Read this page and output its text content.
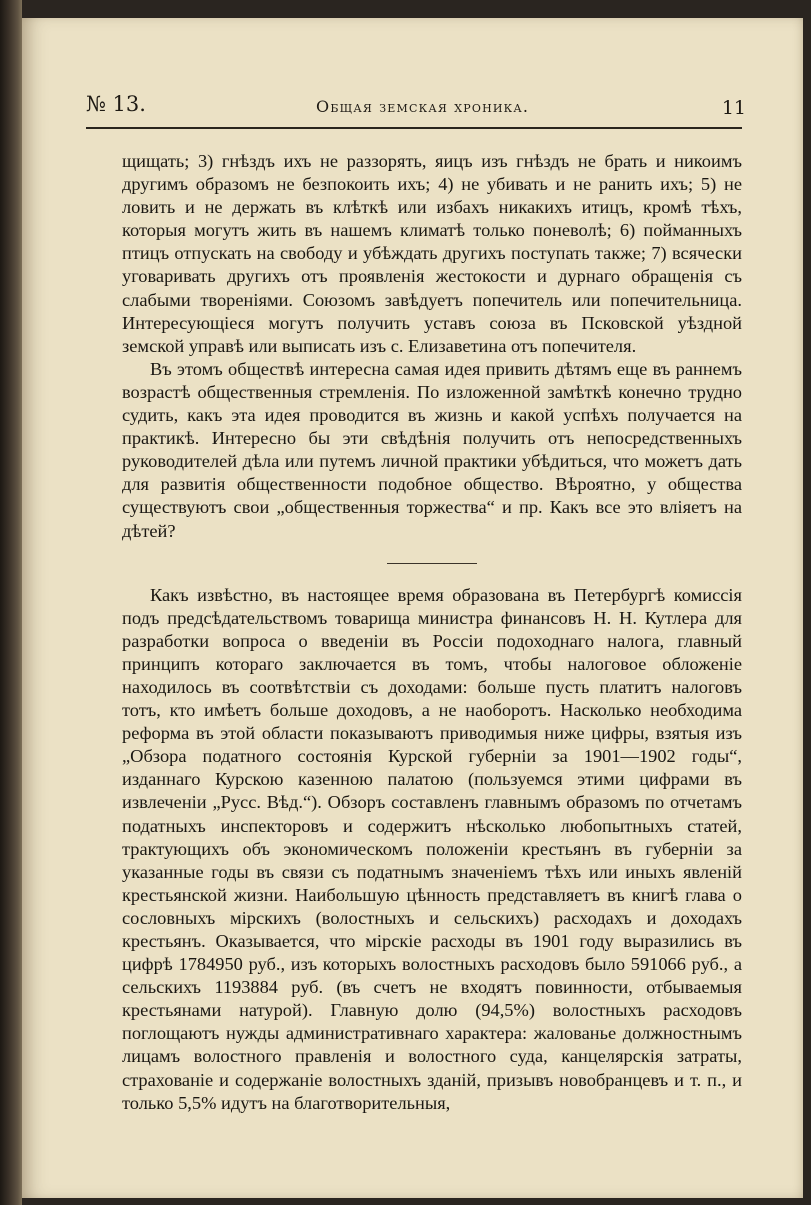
№ 13.	Общая земская хроника.	11

щищать; 3) гнѣздъ ихъ не раззорять, яицъ изъ гнѣздъ не брать и никоимъ другимъ образомъ не безпокоить ихъ; 4) не убивать и не ранить ихъ; 5) не ловить и не держать въ клѣткѣ или избахъ никакихъ итицъ, кромѣ тѣхъ, которыя могутъ жить въ нашемъ климатѣ только поневолѣ; 6) пойманныхъ птицъ отпускать на свободу и убѣждать другихъ поступать также; 7) всячески уговаривать другихъ отъ проявленія жестокости и дурнаго обращенія съ слабыми твореніями. Союзомъ завѣдуетъ попечитель или попечительница. Интересующіеся могутъ получить уставъ союза въ Псковской уѣздной земской управѣ или выписать изъ с. Елизаветина отъ попечителя.

Въ этомъ обществѣ интересна самая идея привить дѣтямъ еще въ раннемъ возрастѣ общественныя стремленія. По изложенной замѣткѣ конечно трудно судить, какъ эта идея проводится въ жизнь и какой успѣхъ получается на практикѣ. Интересно бы эти свѣдѣнія получить отъ непосредственныхъ руководителей дѣла или путемъ личной практики убѣдиться, что можетъ дать для развитія общественности подобное общество. Вѣроятно, у общества существуютъ свои „общественныя торжества“ и пр. Какъ все это вліяетъ на дѣтей?

Какъ извѣстно, въ настоящее время образована въ Петербургѣ комиссія подъ предсѣдательствомъ товарища министра финансовъ Н. Н. Кутлера для разработки вопроса о введеніи въ Россіи подоходнаго налога, главный принципъ котораго заключается въ томъ, чтобы налоговое обложеніе находилось въ соотвѣтствіи съ доходами: больше пусть платитъ налоговъ тотъ, кто имѣетъ больше доходовъ, а не наоборотъ. Насколько необходима реформа въ этой области показываютъ приводимыя ниже цифры, взятыя изъ „Обзора податного состоянія Курской губерніи за 1901—1902 годы“, изданнаго Курскою казенною палатою (пользуемся этими цифрами въ извлеченіи „Русс. Вѣд.“). Обзоръ составленъ главнымъ образомъ по отчетамъ податныхъ инспекторовъ и содержитъ нѣсколько любопытныхъ статей, трактующихъ объ экономическомъ положеніи крестьянъ въ губерніи за указанные годы въ связи съ податнымъ значеніемъ тѣхъ или иныхъ явленій крестьянской жизни. Наибольшую цѣнность представляетъ въ книгѣ глава о сословныхъ мірскихъ (волостныхъ и сельскихъ) расходахъ и доходахъ крестьянъ. Оказывается, что мірскіе расходы въ 1901 году выразились въ цифрѣ 1784950 руб., изъ которыхъ волостныхъ расходовъ было 591066 руб., а сельскихъ 1193884 руб. (въ счетъ не входятъ повинности, отбываемыя крестьянами натурой). Главную долю (94,5%) волостныхъ расходовъ поглощаютъ нужды административнаго характера: жалованье должностнымъ лицамъ волостного правленія и волостного суда, канцелярскія затраты, страхованіе и содержаніе волостныхъ зданій, призывъ новобранцевъ и т. п., и только 5,5% идутъ на благотворительныя,
